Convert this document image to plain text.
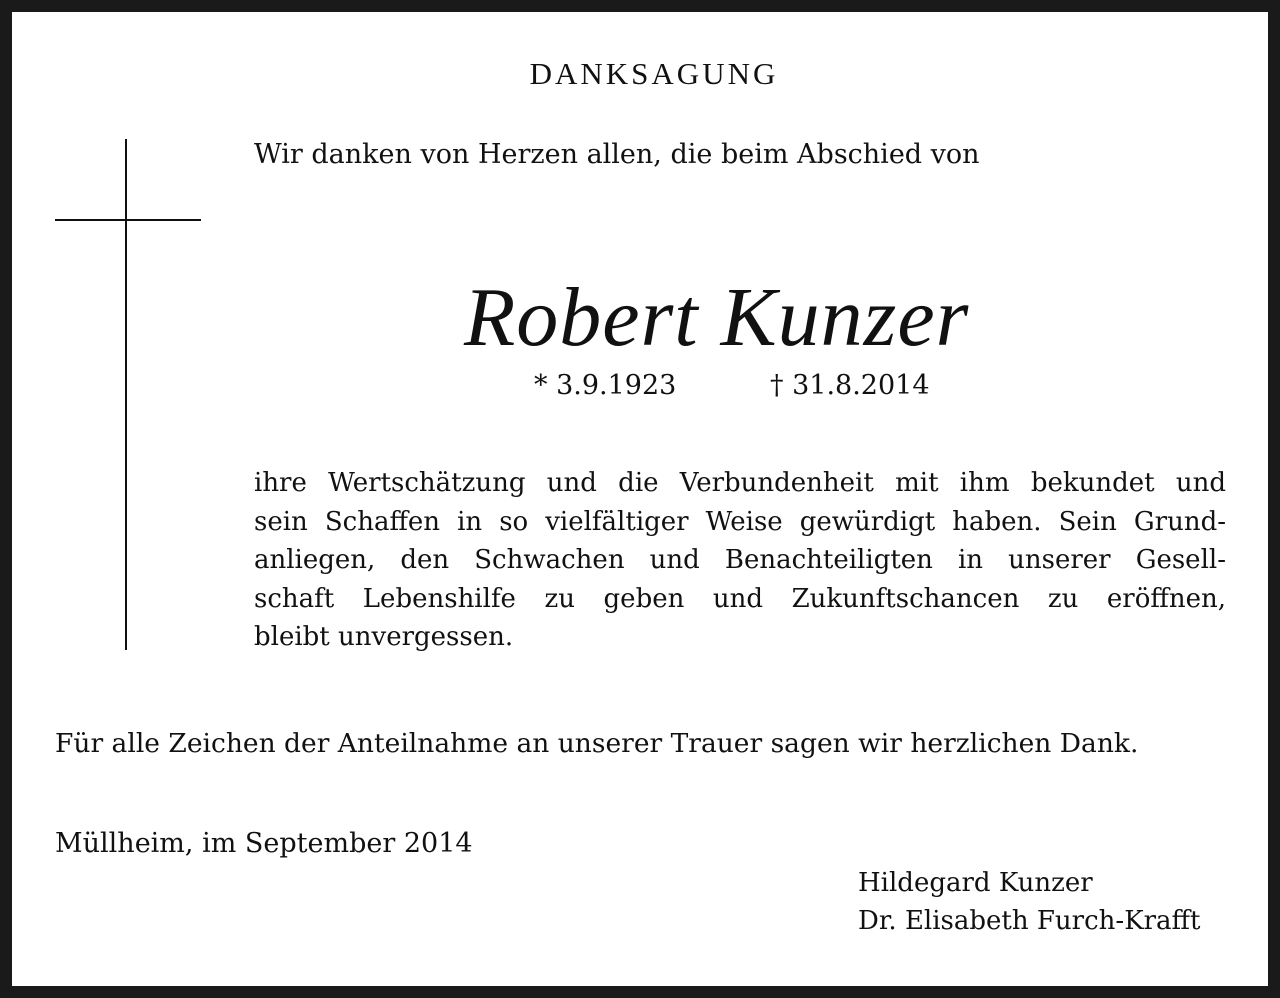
DANKSAGUNG
Wir danken von Herzen allen, die beim Abschied von
Robert Kunzer
* 3.9.1923	† 31.8.2014
ihre Wertschätzung und die Verbundenheit mit ihm bekundet und
sein Schaffen in so vielfältiger Weise gewürdigt haben. Sein Grund-
anliegen, den Schwachen und Benachteiligten in unserer Gesell-
schaft Lebenshilfe zu geben und Zukunftschancen zu eröffnen,
bleibt unvergessen.
Für alle Zeichen der Anteilnahme an unserer Trauer sagen wir herzlichen Dank.
Müllheim, im September 2014
Hildegard Kunzer
Dr. Elisabeth Furch-Krafft
